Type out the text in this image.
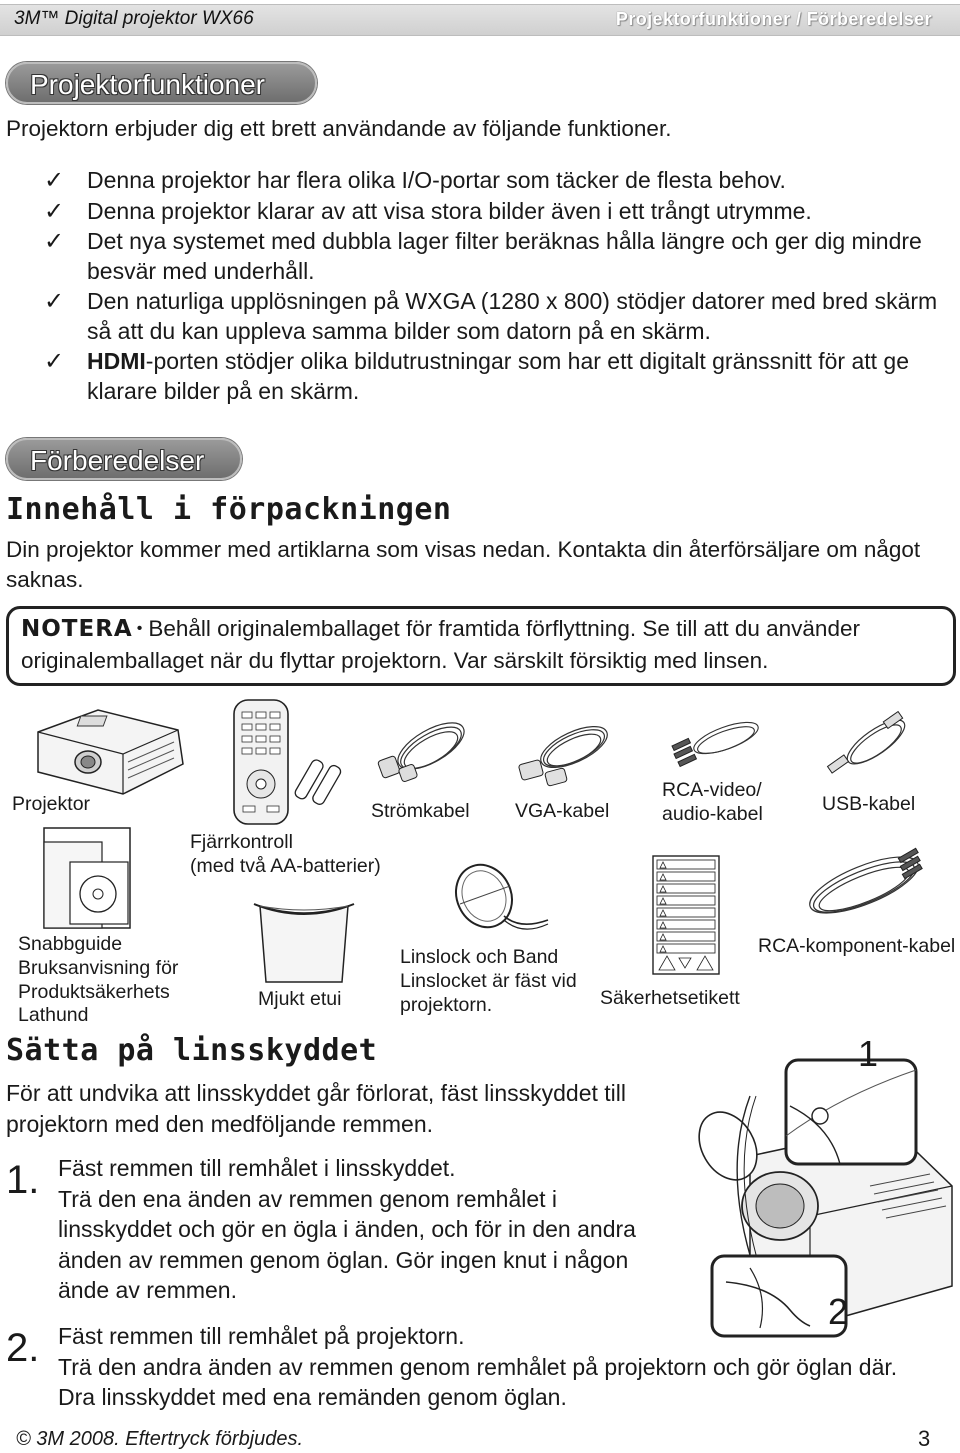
3M™ Digital projektor WX66	Projektorfunktioner / Förberedelser
Projektorfunktioner
Projektorn erbjuder dig ett brett användande av följande funktioner.
✓ Denna projektor har flera olika I/O-portar som täcker de flesta behov.
✓ Denna projektor klarar av att visa stora bilder även i ett trångt utrymme.
✓ Det nya systemet med dubbla lager filter beräknas hålla längre och ger dig mindre besvär med underhåll.
✓ Den naturliga upplösningen på WXGA (1280 x 800) stödjer datorer med bred skärm så att du kan uppleva samma bilder som datorn på en skärm.
✓ HDMI-porten stödjer olika bildutrustningar som har ett digitalt gränssnitt för att ge klarare bilder på en skärm.
Förberedelser
Innehåll i förpackningen
Din projektor kommer med artiklarna som visas nedan. Kontakta din återförsäljare om något saknas.
NOTERA • Behåll originalemballaget för framtida förflyttning. Se till att du använder originalemballaget när du flyttar projektorn. Var särskilt försiktig med linsen.
Projektor
Fjärrkontroll
(med två AA-batterier)
Strömkabel VGA-kabel
RCA-video/
audio-kabel	USB-kabel
Snabbguide
Bruksanvisning för
Produktsäkerhets
Lathund
Mjukt etui
Linslock och Band
Linslocket är fäst vid
projektorn.	Säkerhetsetikett
RCA-komponent-kabel
Sätta på linsskyddet
För att undvika att linsskyddet går förlorat, fäst linsskyddet till projektorn med den medföljande remmen.
1. Fäst remmen till remhålet i linsskyddet.
Trä den ena änden av remmen genom remhålet i linsskyddet och gör en ögla i änden, och för in den andra änden av remmen genom öglan. Gör ingen knut i någon ände av remmen.
2. Fäst remmen till remhålet på projektorn.
Trä den andra änden av remmen genom remhålet på projektorn och gör öglan där. Dra linsskyddet med ena remänden genom öglan.
1
2
© 3M 2008. Eftertryck förbjudes.	3
